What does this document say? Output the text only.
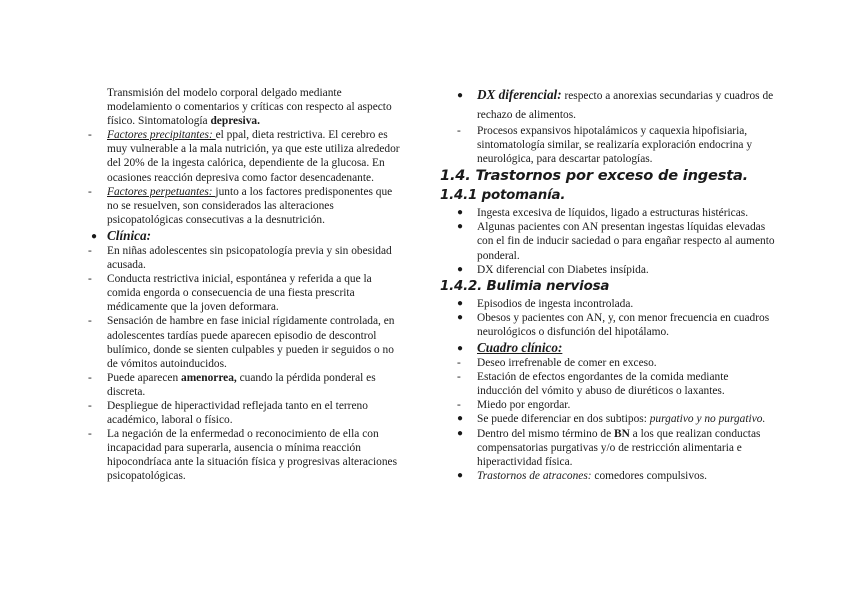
Transmisión del modelo corporal delgado mediante modelamiento o comentarios y críticas con respecto al aspecto físico. Sintomatología depresiva.
-	Factores precipitantes: el ppal, dieta restrictiva. El cerebro es muy vulnerable a la mala nutrición, ya que este utiliza alrededor del 20% de la ingesta calórica, dependiente de la glucosa. En ocasiones reacción depresiva como factor desencadenante.
-	Factores perpetuantes: junto a los factores predisponentes que no se resuelven, son considerados las alteraciones psicopatológicas consecutivas a la desnutrición.
● Clínica:
-	En niñas adolescentes sin psicopatología previa y sin obesidad acusada.
-	Conducta restrictiva inicial, espontánea y referida a que la comida engorda o consecuencia de una fiesta prescrita médicamente que la joven deformara.
-	Sensación de hambre en fase inicial rígidamente controlada, en adolescentes tardías puede aparecen episodio de descontrol bulímico, donde se sienten culpables y pueden ir seguidos o no de vómitos autoinducidos.
-	Puede aparecen amenorrea, cuando la pérdida ponderal es discreta.
-	Despliegue de hiperactividad reflejada tanto en el terreno académico, laboral o físico.
-	La negación de la enfermedad o reconocimiento de ella con incapacidad para superarla, ausencia o mínima reacción hipocondríaca ante la situación física y progresivas alteraciones psicopatológicas.
●	DX diferencial: respecto a anorexias secundarias y cuadros de rechazo de alimentos.
-	Procesos expansivos hipotalámicos y caquexia hipofisiaria, sintomatología similar, se realizaría exploración endocrina y neurológica, para descartar patologías.
1.4. Trastornos por exceso de ingesta.
1.4.1 potomanía.
●	Ingesta excesiva de líquidos, ligado a estructuras histéricas.
●	Algunas pacientes con AN presentan ingestas líquidas elevadas con el fin de inducir saciedad o para engañar respecto al aumento ponderal.
●	DX diferencial con Diabetes insípida.
1.4.2. Bulimia nerviosa
●	Episodios de ingesta incontrolada.
●	Obesos y pacientes con AN, y, con menor frecuencia en cuadros neurológicos o disfunción del hipotálamo.
●	Cuadro clínico:
-	Deseo irrefrenable de comer en exceso.
-	Estación de efectos engordantes de la comida mediante inducción del vómito y abuso de diuréticos o laxantes.
-	Miedo por engordar.
●	Se puede diferenciar en dos subtipos: purgativo y no purgativo.
●	Dentro del mismo término de BN a los que realizan conductas compensatorias purgativas y/o de restricción alimentaria e hiperactividad física.
●	Trastornos de atracones: comedores compulsivos.
